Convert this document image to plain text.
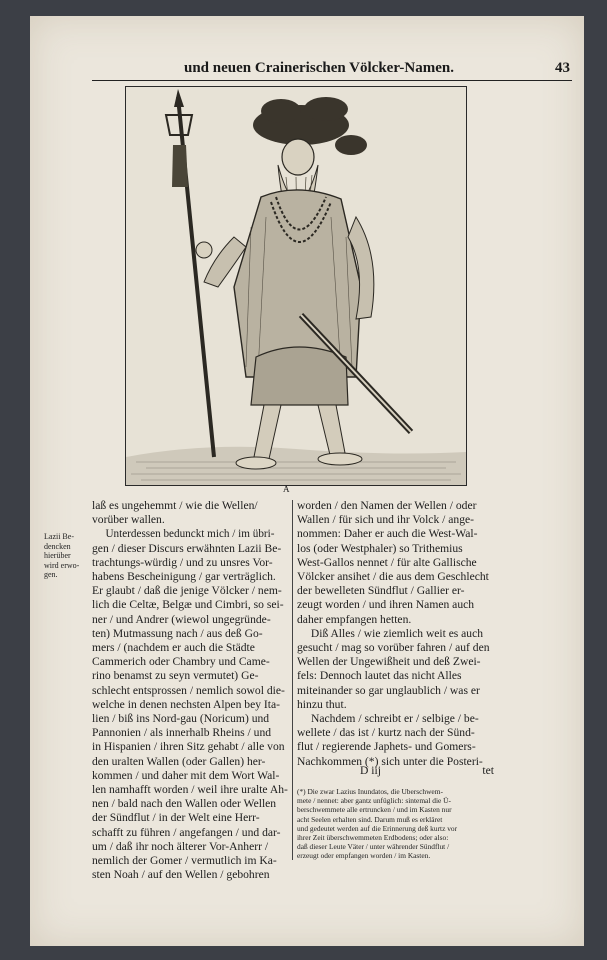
und neuen Crainerischen Völcker-Namen.	43
A
Lazii Be-
dencken
hierüber
wird erwo-
gen.
laß es ungehemmt / wie die Wellen/
vorüber wallen.
Unterdessen bedunckt mich / im übri-
gen / dieser Discurs erwähnten Lazii Be-
trachtungs-würdig / und zu unsres Vor-
habens Bescheinigung / gar verträglich.
Er glaubt / daß die jenige Völcker / nem-
lich die Celtæ, Belgæ und Cimbri, so sei-
ner / und Andrer (wiewol ungegründe-
ten) Mutmassung nach / aus deß Go-
mers / (nachdem er auch die Städte
Cammerich oder Chambry und Came-
rino benamst zu seyn vermutet) Ge-
schlecht entsprossen / nemlich sowol die-
welche in denen nechsten Alpen bey Ita-
lien / biß ins Nord-gau (Noricum) und
Pannonien / als innerhalb Rheins / und
in Hispanien / ihren Sitz gehabt / alle von
den uralten Wallen (oder Gallen) her-
kommen / und daher mit dem Wort Wal-
len namhafft worden / weil ihre uralte Ah-
nen / bald nach den Wallen oder Wellen
der Sündflut / in der Welt eine Herr-
schafft zu führen / angefangen / und dar-
um / daß ihr noch älterer Vor-Anherr /
nemlich der Gomer / vermutlich im Ka-
sten Noah / auf den Wellen / gebohren
worden / den Namen der Wellen / oder
Wallen / für sich und ihr Volck / ange-
nommen: Daher er auch die West-Wal-
los (oder Westphaler) so Trithemius
West-Gallos nennet / für alte Gallische
Völcker ansihet / die aus dem Geschlecht
der bewelleten Sündflut / Gallier er-
zeugt worden / und ihren Namen auch
daher empfangen hetten.
Diß Alles / wie ziemlich weit es auch
gesucht / mag so vorüber fahren / auf den
Wellen der Ungewißheit und deß Zwei-
fels: Dennoch lautet das nicht Alles
miteinander so gar unglaublich / was er
hinzu thut.
Nachdem / schreibt er / selbige / be-
wellete / das ist / kurtz nach der Sünd-
flut / regierende Japhets- und Gomers-
Nachkommen (*) sich unter die Posteri-
D iij	tet
(*) Die zwar Lazius Inundatos, die Uberschwem-
mete / nennet: aber gantz unfüglich: sintemal die Ü-
berschwemmete alle ertruncken / und im Kasten nur
acht Seelen erhalten sind. Darum muß es erkläret
und gedeutet werden auf die Erinnerung deß kurtz vor
ihrer Zeit überschwemmeten Erdbodens; oder also:
daß dieser Leute Väter / unter währender Sündflut /
erzeugt oder empfangen worden / im Kasten.
